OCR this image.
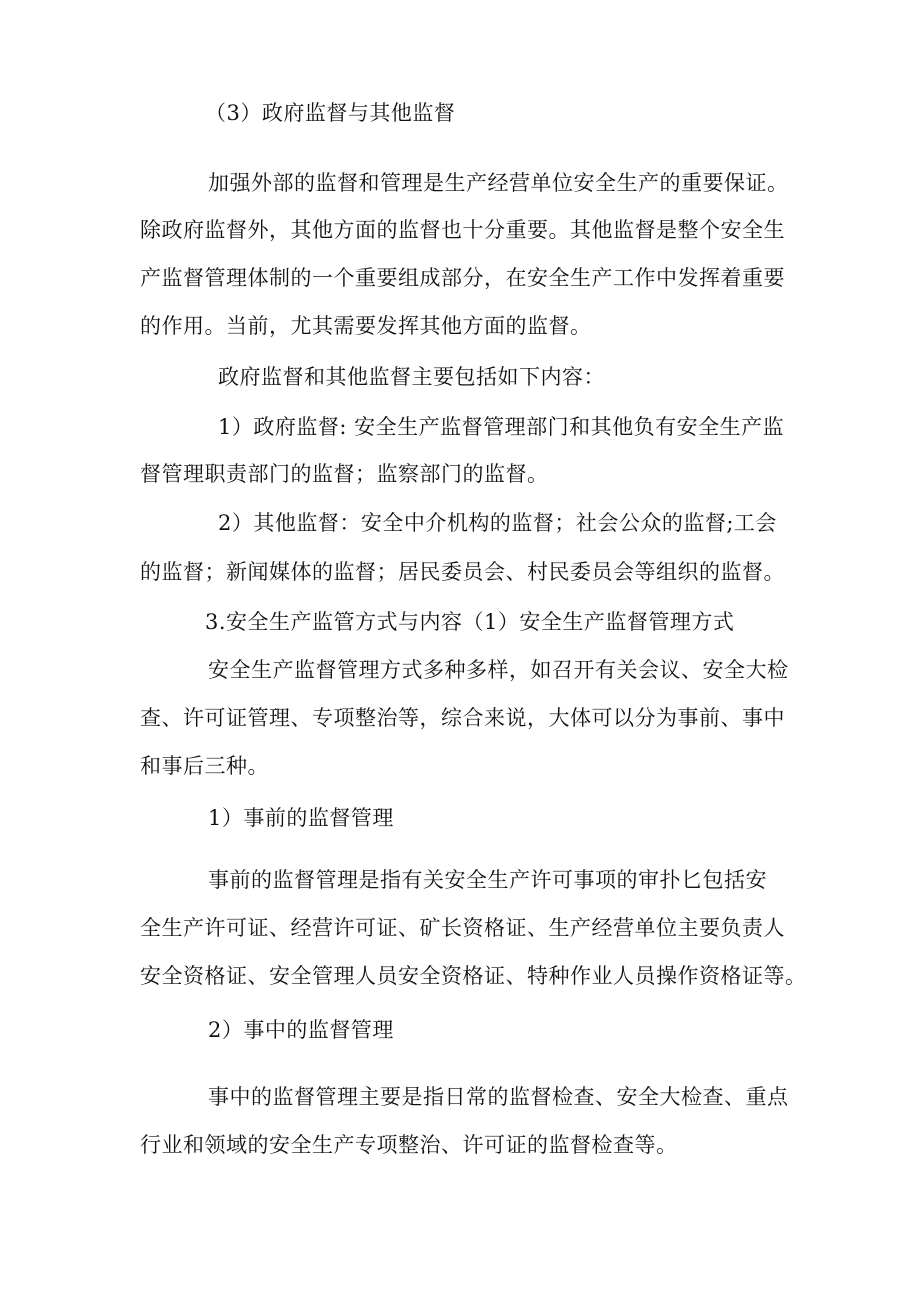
（3）政府监督与其他监督
加强外部的监督和管理是生产经营单位安全生产的重要保证。
除政府监督外，其他方面的监督也十分重要。其他监督是整个安全生
产监督管理体制的一个重要组成部分，在安全生产工作中发挥着重要
的作用。当前，尤其需要发挥其他方面的监督。
政府监督和其他监督主要包括如下内容：
1）政府监督: 安全生产监督管理部门和其他负有安全生产监
督管理职责部门的监督；监察部门的监督。
2）其他监督：安全中介机构的监督；社会公众的监督;工会
的监督；新闻媒体的监督；居民委员会、村民委员会等组织的监督。
3.安全生产监管方式与内容（1）安全生产监督管理方式
安全生产监督管理方式多种多样，如召开有关会议、安全大检
查、许可证管理、专项整治等，综合来说，大体可以分为事前、事中
和事后三种。
1）事前的监督管理
事前的监督管理是指有关安全生产许可事项的审扑匕包括安
全生产许可证、经营许可证、矿长资格证、生产经营单位主要负责人
安全资格证、安全管理人员安全资格证、特种作业人员操作资格证等。
2）事中的监督管理
事中的监督管理主要是指日常的监督检查、安全大检查、重点
行业和领域的安全生产专项整治、许可证的监督检查等。
